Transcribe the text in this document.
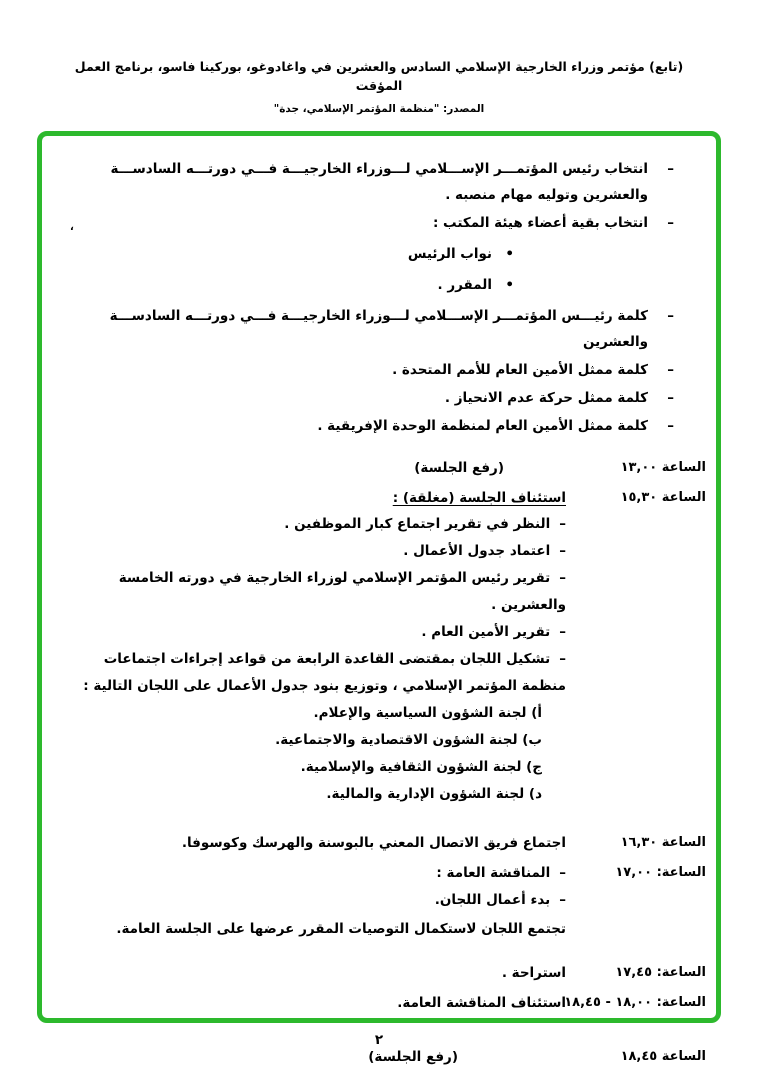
(تابع) مؤتمر وزراء الخارجية الإسلامي السادس والعشرين في واغادوغو، بوركينا فاسو، برنامج العمل المؤقت
المصدر: "منظمة المؤتمر الإسلامي، جدة"
،
–
انتخاب رئيس المؤتمـــر الإســـلامي لـــوزراء الخارجيـــة فـــي دورتـــه السادســـة والعشرين وتوليه مهام منصبه .
–
انتخاب بقية أعضاء هيئة المكتب :
•
نواب الرئيس
•
المقرر .
–
كلمة رئيـــس المؤتمـــر الإســـلامي لـــوزراء الخارجيـــة فـــي دورتـــه السادســـة والعشرين
–
كلمة ممثل الأمين العام للأمم المتحدة .
–
كلمة ممثل حركة عدم الانحياز .
–
كلمة ممثل الأمين العام لمنظمة الوحدة الإفريقية .
الساعة ١٣,٠٠
(رفع الجلسة)
الساعة ١٥,٣٠
استئناف الجلسة (مغلقة) :
–النظر في تقرير اجتماع كبار الموظفين .
–اعتماد جدول الأعمال .
–تقرير رئيس المؤتمر الإسلامي لوزراء الخارجية في دورته الخامسة والعشرين .
–تقرير الأمين العام .
–تشكيل اللجان بمقتضى القاعدة الرابعة من قواعد إجراءات اجتماعات منظمة المؤتمر الإسلامي ، وتوزيع بنود جدول الأعمال على اللجان التالية :
أ) لجنة الشؤون السياسية والإعلام.
ب) لجنة الشؤون الاقتصادية والاجتماعية.
ج) لجنة الشؤون الثقافية والإسلامية.
د) لجنة الشؤون الإدارية والمالية.
الساعة ١٦,٣٠
اجتماع فريق الاتصال المعني بالبوسنة والهرسك وكوسوفا.
الساعة: ١٧,٠٠
–المناقشة العامة :
–بدء أعمال اللجان.
تجتمع اللجان لاستكمال التوصيات المقرر عرضها على الجلسة العامة.
الساعة: ١٧,٤٥
استراحة .
الساعة: ١٨,٠٠ - ١٨,٤٥
استئناف المناقشة العامة.
الساعة ١٨,٤٥
(رفع الجلسة)
٢
